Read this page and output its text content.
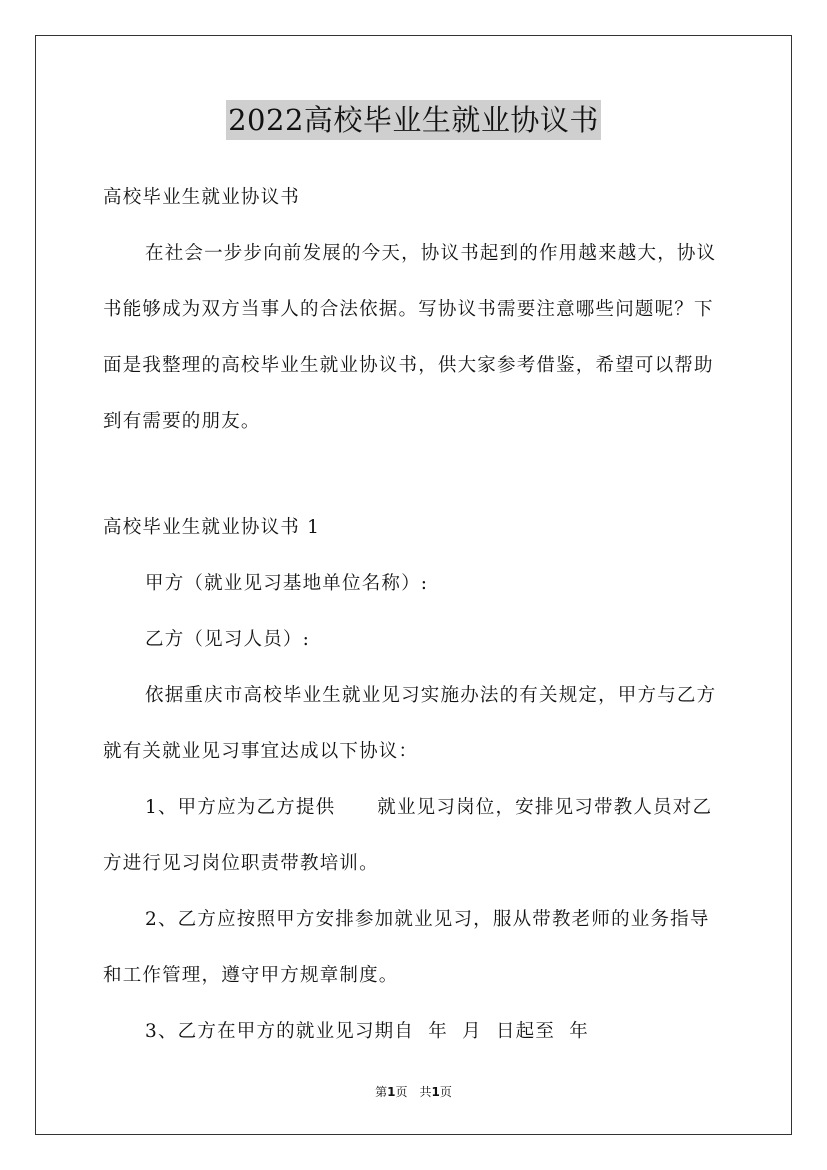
2022高校毕业生就业协议书

高校毕业生就业协议书

在社会一步步向前发展的今天，协议书起到的作用越来越大，协议书能够成为双方当事人的合法依据。写协议书需要注意哪些问题呢？下面是我整理的高校毕业生就业协议书，供大家参考借鉴，希望可以帮助到有需要的朋友。

高校毕业生就业协议书 1

甲方（就业见习基地单位名称）:

乙方（见习人员）:

依据重庆市高校毕业生就业见习实施办法的有关规定，甲方与乙方就有关就业见习事宜达成以下协议：

1、甲方应为乙方提供 就业见习岗位，安排见习带教人员对乙方进行见习岗位职责带教培训。

2、乙方应按照甲方安排参加就业见习，服从带教老师的业务指导和工作管理，遵守甲方规章制度。

3、乙方在甲方的就业见习期自  年  月  日起至  年

第1页 共1页
